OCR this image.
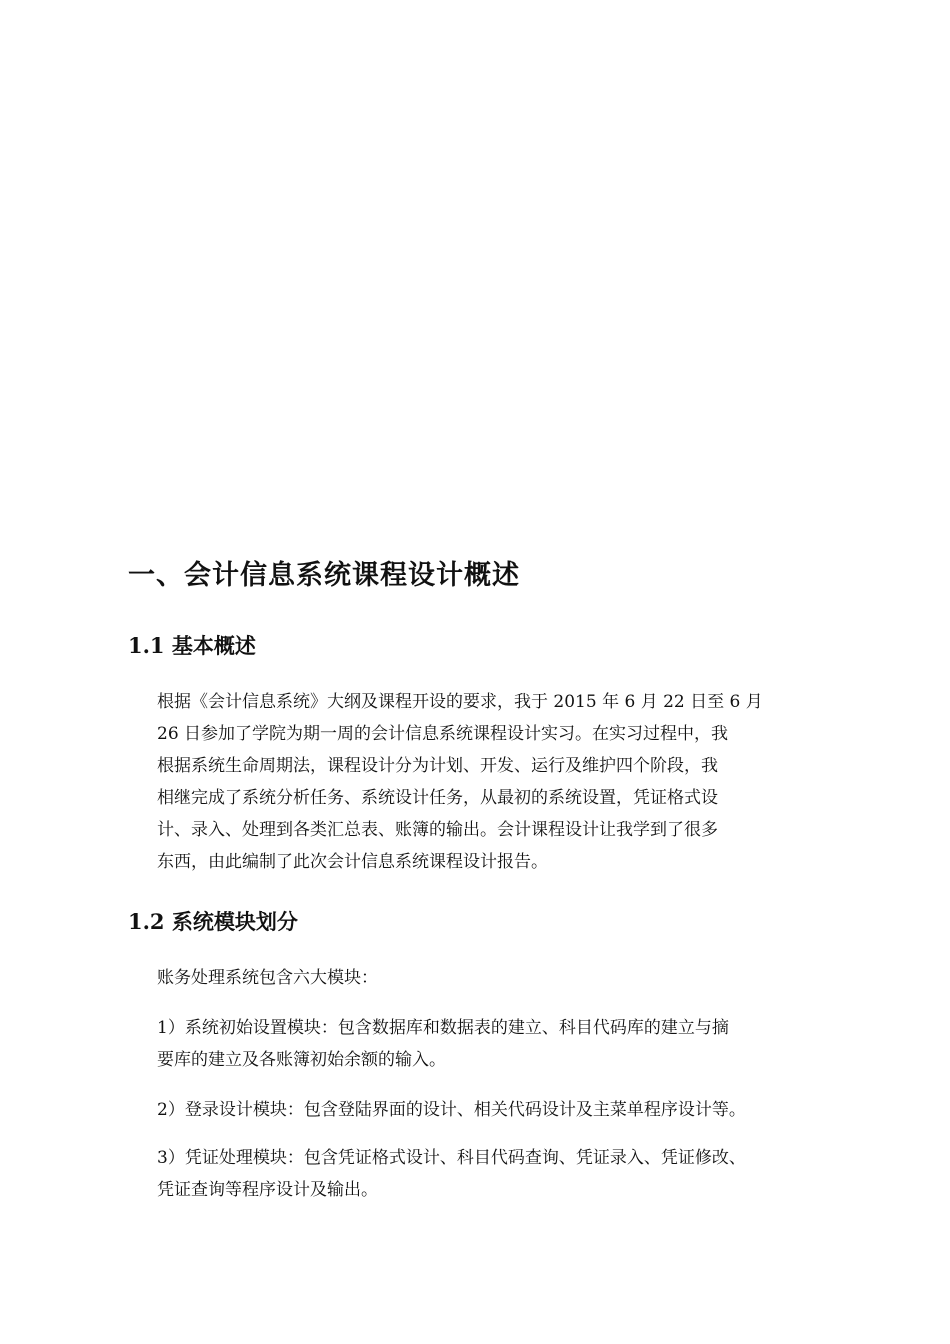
一、会计信息系统课程设计概述
1.1 基本概述

根据《会计信息系统》大纲及课程开设的要求，我于 2015 年 6 月 22 日至 6 月
26 日参加了学院为期一周的会计信息系统课程设计实习。在实习过程中，我
根据系统生命周期法，课程设计分为计划、开发、运行及维护四个阶段，我
相继完成了系统分析任务、系统设计任务，从最初的系统设置，凭证格式设
计、录入、处理到各类汇总表、账簿的输出。会计课程设计让我学到了很多
东西，由此编制了此次会计信息系统课程设计报告。

1.2 系统模块划分

账务处理系统包含六大模块：

1）系统初始设置模块：包含数据库和数据表的建立、科目代码库的建立与摘
要库的建立及各账簿初始余额的输入。

2）登录设计模块：包含登陆界面的设计、相关代码设计及主菜单程序设计等。

3）凭证处理模块：包含凭证格式设计、科目代码查询、凭证录入、凭证修改、
凭证查询等程序设计及输出。
